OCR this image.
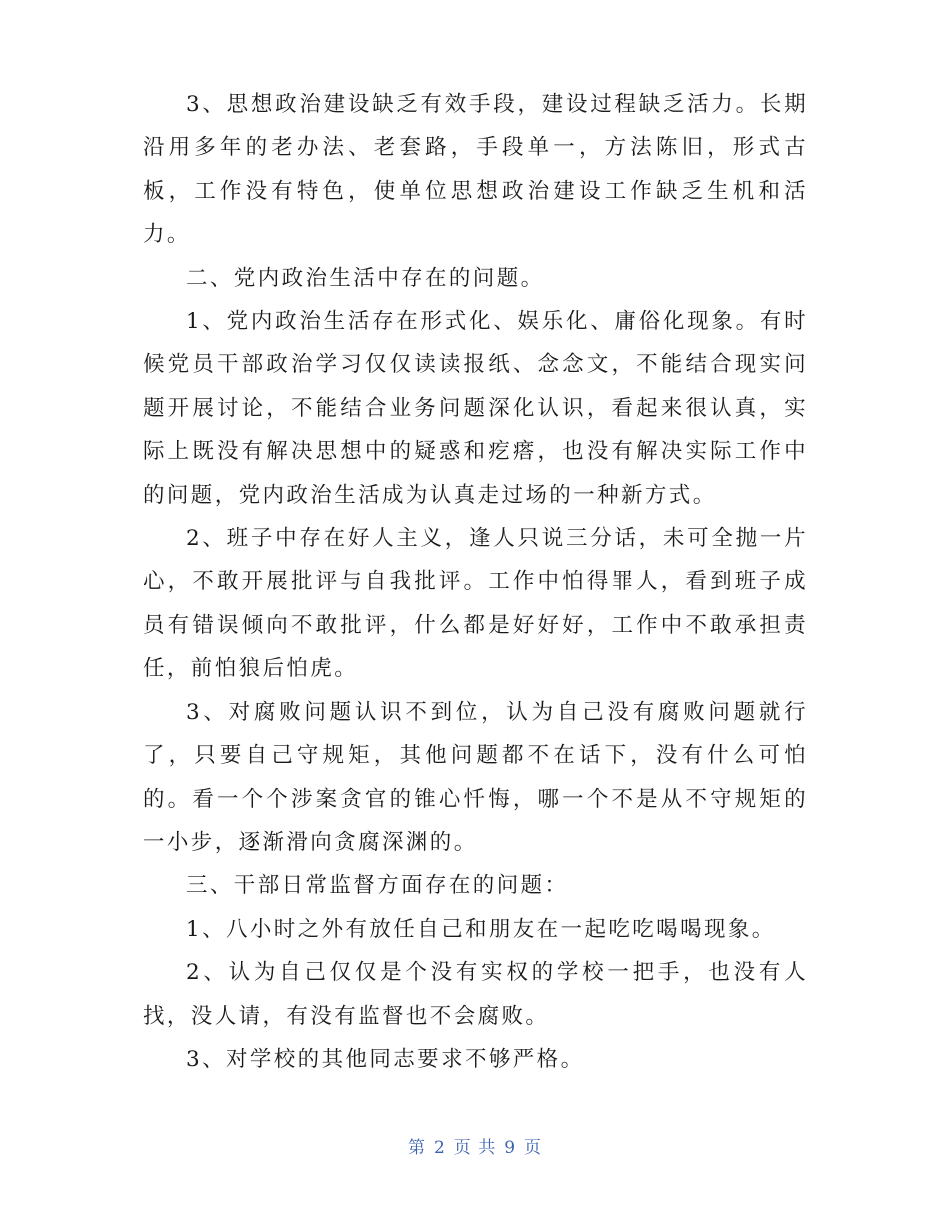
3、思想政治建设缺乏有效手段，建设过程缺乏活力。长期沿用多年的老办法、老套路，手段单一，方法陈旧，形式古板，工作没有特色，使单位思想政治建设工作缺乏生机和活力。

二、党内政治生活中存在的问题。

1、党内政治生活存在形式化、娱乐化、庸俗化现象。有时候党员干部政治学习仅仅读读报纸、念念文，不能结合现实问题开展讨论，不能结合业务问题深化认识，看起来很认真，实际上既没有解决思想中的疑惑和疙瘩，也没有解决实际工作中的问题，党内政治生活成为认真走过场的一种新方式。

2、班子中存在好人主义，逢人只说三分话，未可全抛一片心，不敢开展批评与自我批评。工作中怕得罪人，看到班子成员有错误倾向不敢批评，什么都是好好好，工作中不敢承担责任，前怕狼后怕虎。

3、对腐败问题认识不到位，认为自己没有腐败问题就行了，只要自己守规矩，其他问题都不在话下，没有什么可怕的。看一个个涉案贪官的锥心忏悔，哪一个不是从不守规矩的一小步，逐渐滑向贪腐深渊的。

三、干部日常监督方面存在的问题：

1、八小时之外有放任自己和朋友在一起吃吃喝喝现象。

2、认为自己仅仅是个没有实权的学校一把手，也没有人找，没人请，有没有监督也不会腐败。

3、对学校的其他同志要求不够严格。

第 2 页 共 9 页
